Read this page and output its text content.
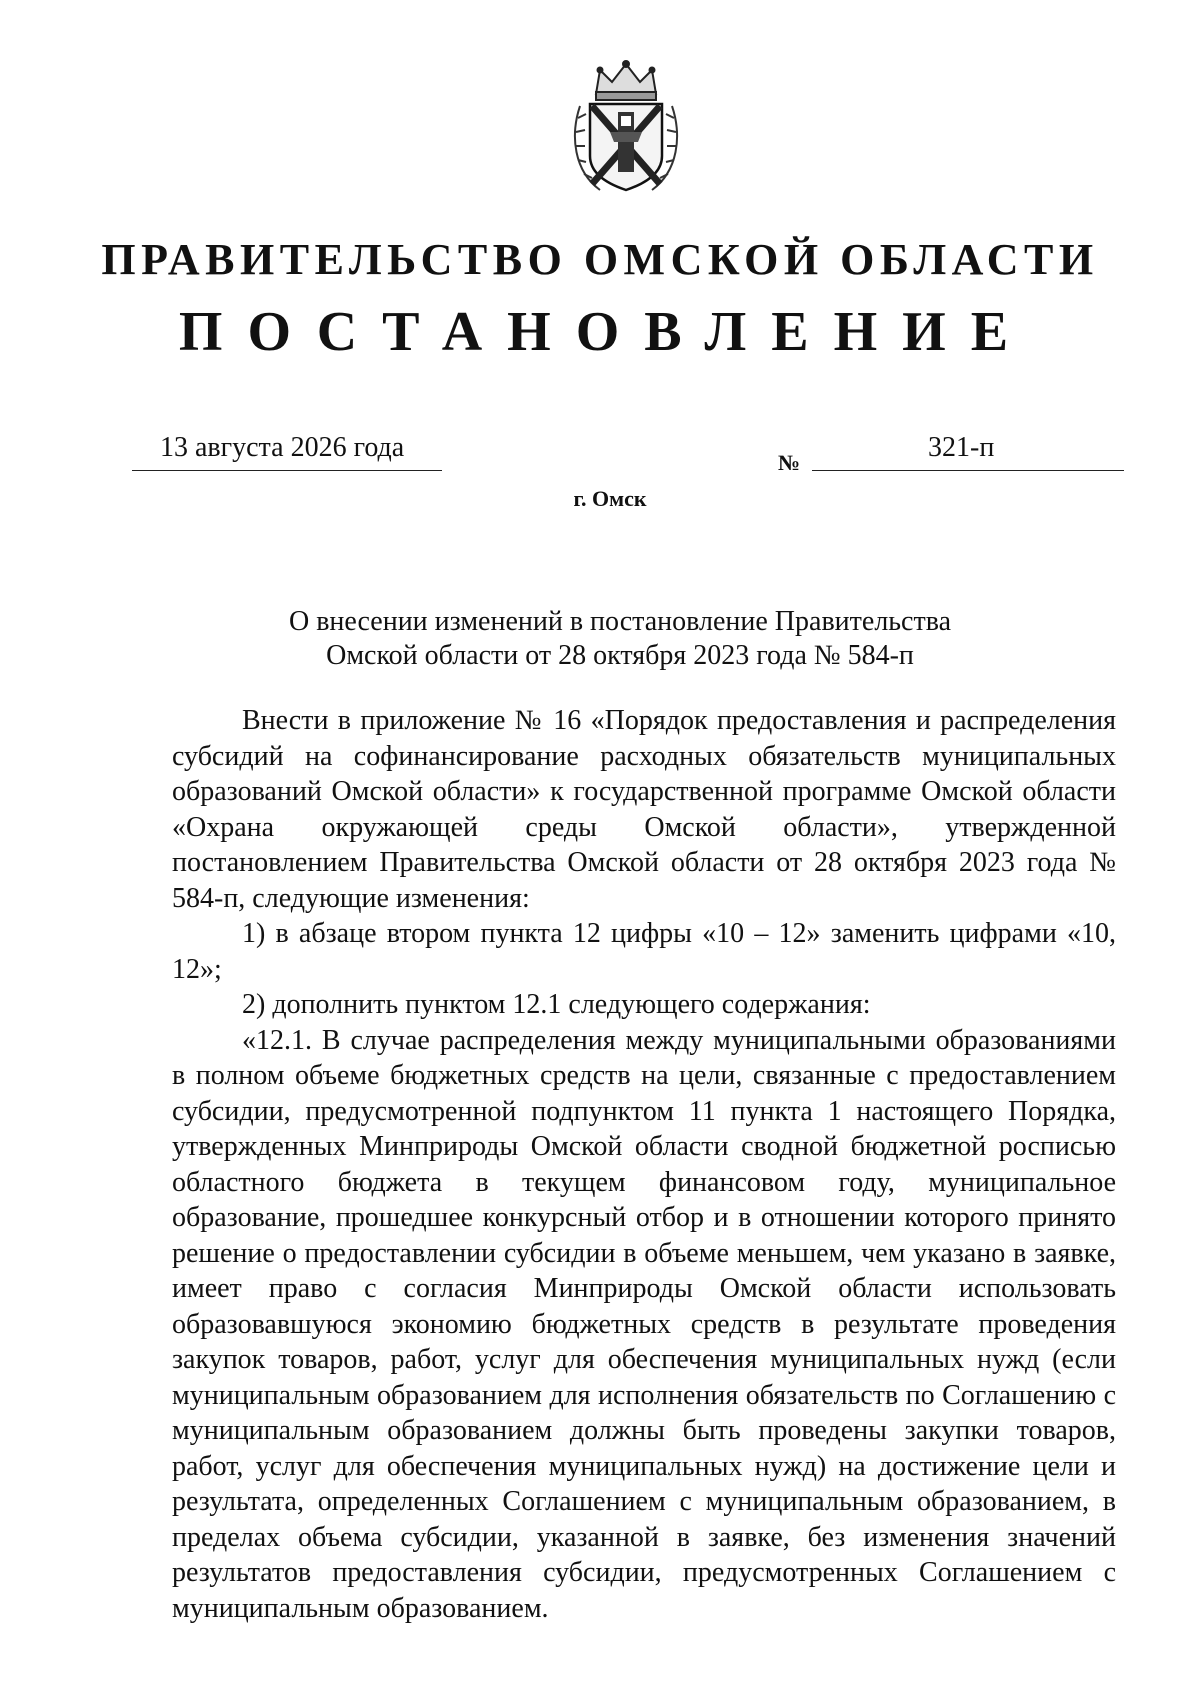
ПРАВИТЕЛЬСТВО ОМСКОЙ ОБЛАСТИ
ПОСТАНОВЛЕНИЕ
13 августа 2026 года	№	321-п
г. Омск
О внесении изменений в постановление Правительства
Омской области от 28 октября 2023 года № 584-п

Внести в приложение № 16 «Порядок предоставления и распределения субсидий на софинансирование расходных обязательств муниципальных образований Омской области» к государственной программе Омской области «Охрана окружающей среды Омской области», утвержденной постановлением Правительства Омской области от 28 октября 2023 года № 584-п, следующие изменения:

1) в абзаце втором пункта 12 цифры «10 – 12» заменить цифрами «10, 12»;

2) дополнить пунктом 12.1 следующего содержания:

«12.1. В случае распределения между муниципальными образованиями в полном объеме бюджетных средств на цели, связанные с предоставлением субсидии, предусмотренной подпунктом 11 пункта 1 настоящего Порядка, утвержденных Минприроды Омской области сводной бюджетной росписью областного бюджета в текущем финансовом году, муниципальное образование, прошедшее конкурсный отбор и в отношении которого принято решение о предоставлении субсидии в объеме меньшем, чем указано в заявке, имеет право с согласия Минприроды Омской области использовать образовавшуюся экономию бюджетных средств в результате проведения закупок товаров, работ, услуг для обеспечения муниципальных нужд (если муниципальным образованием для исполнения обязательств по Соглашению с муниципальным образованием должны быть проведены закупки товаров, работ, услуг для обеспечения муниципальных нужд) на достижение цели и результата, определенных Соглашением с муниципальным образованием, в пределах объема субсидии, указанной в заявке, без изменения значений результатов предоставления субсидии, предусмотренных Соглашением с муниципальным образованием.
